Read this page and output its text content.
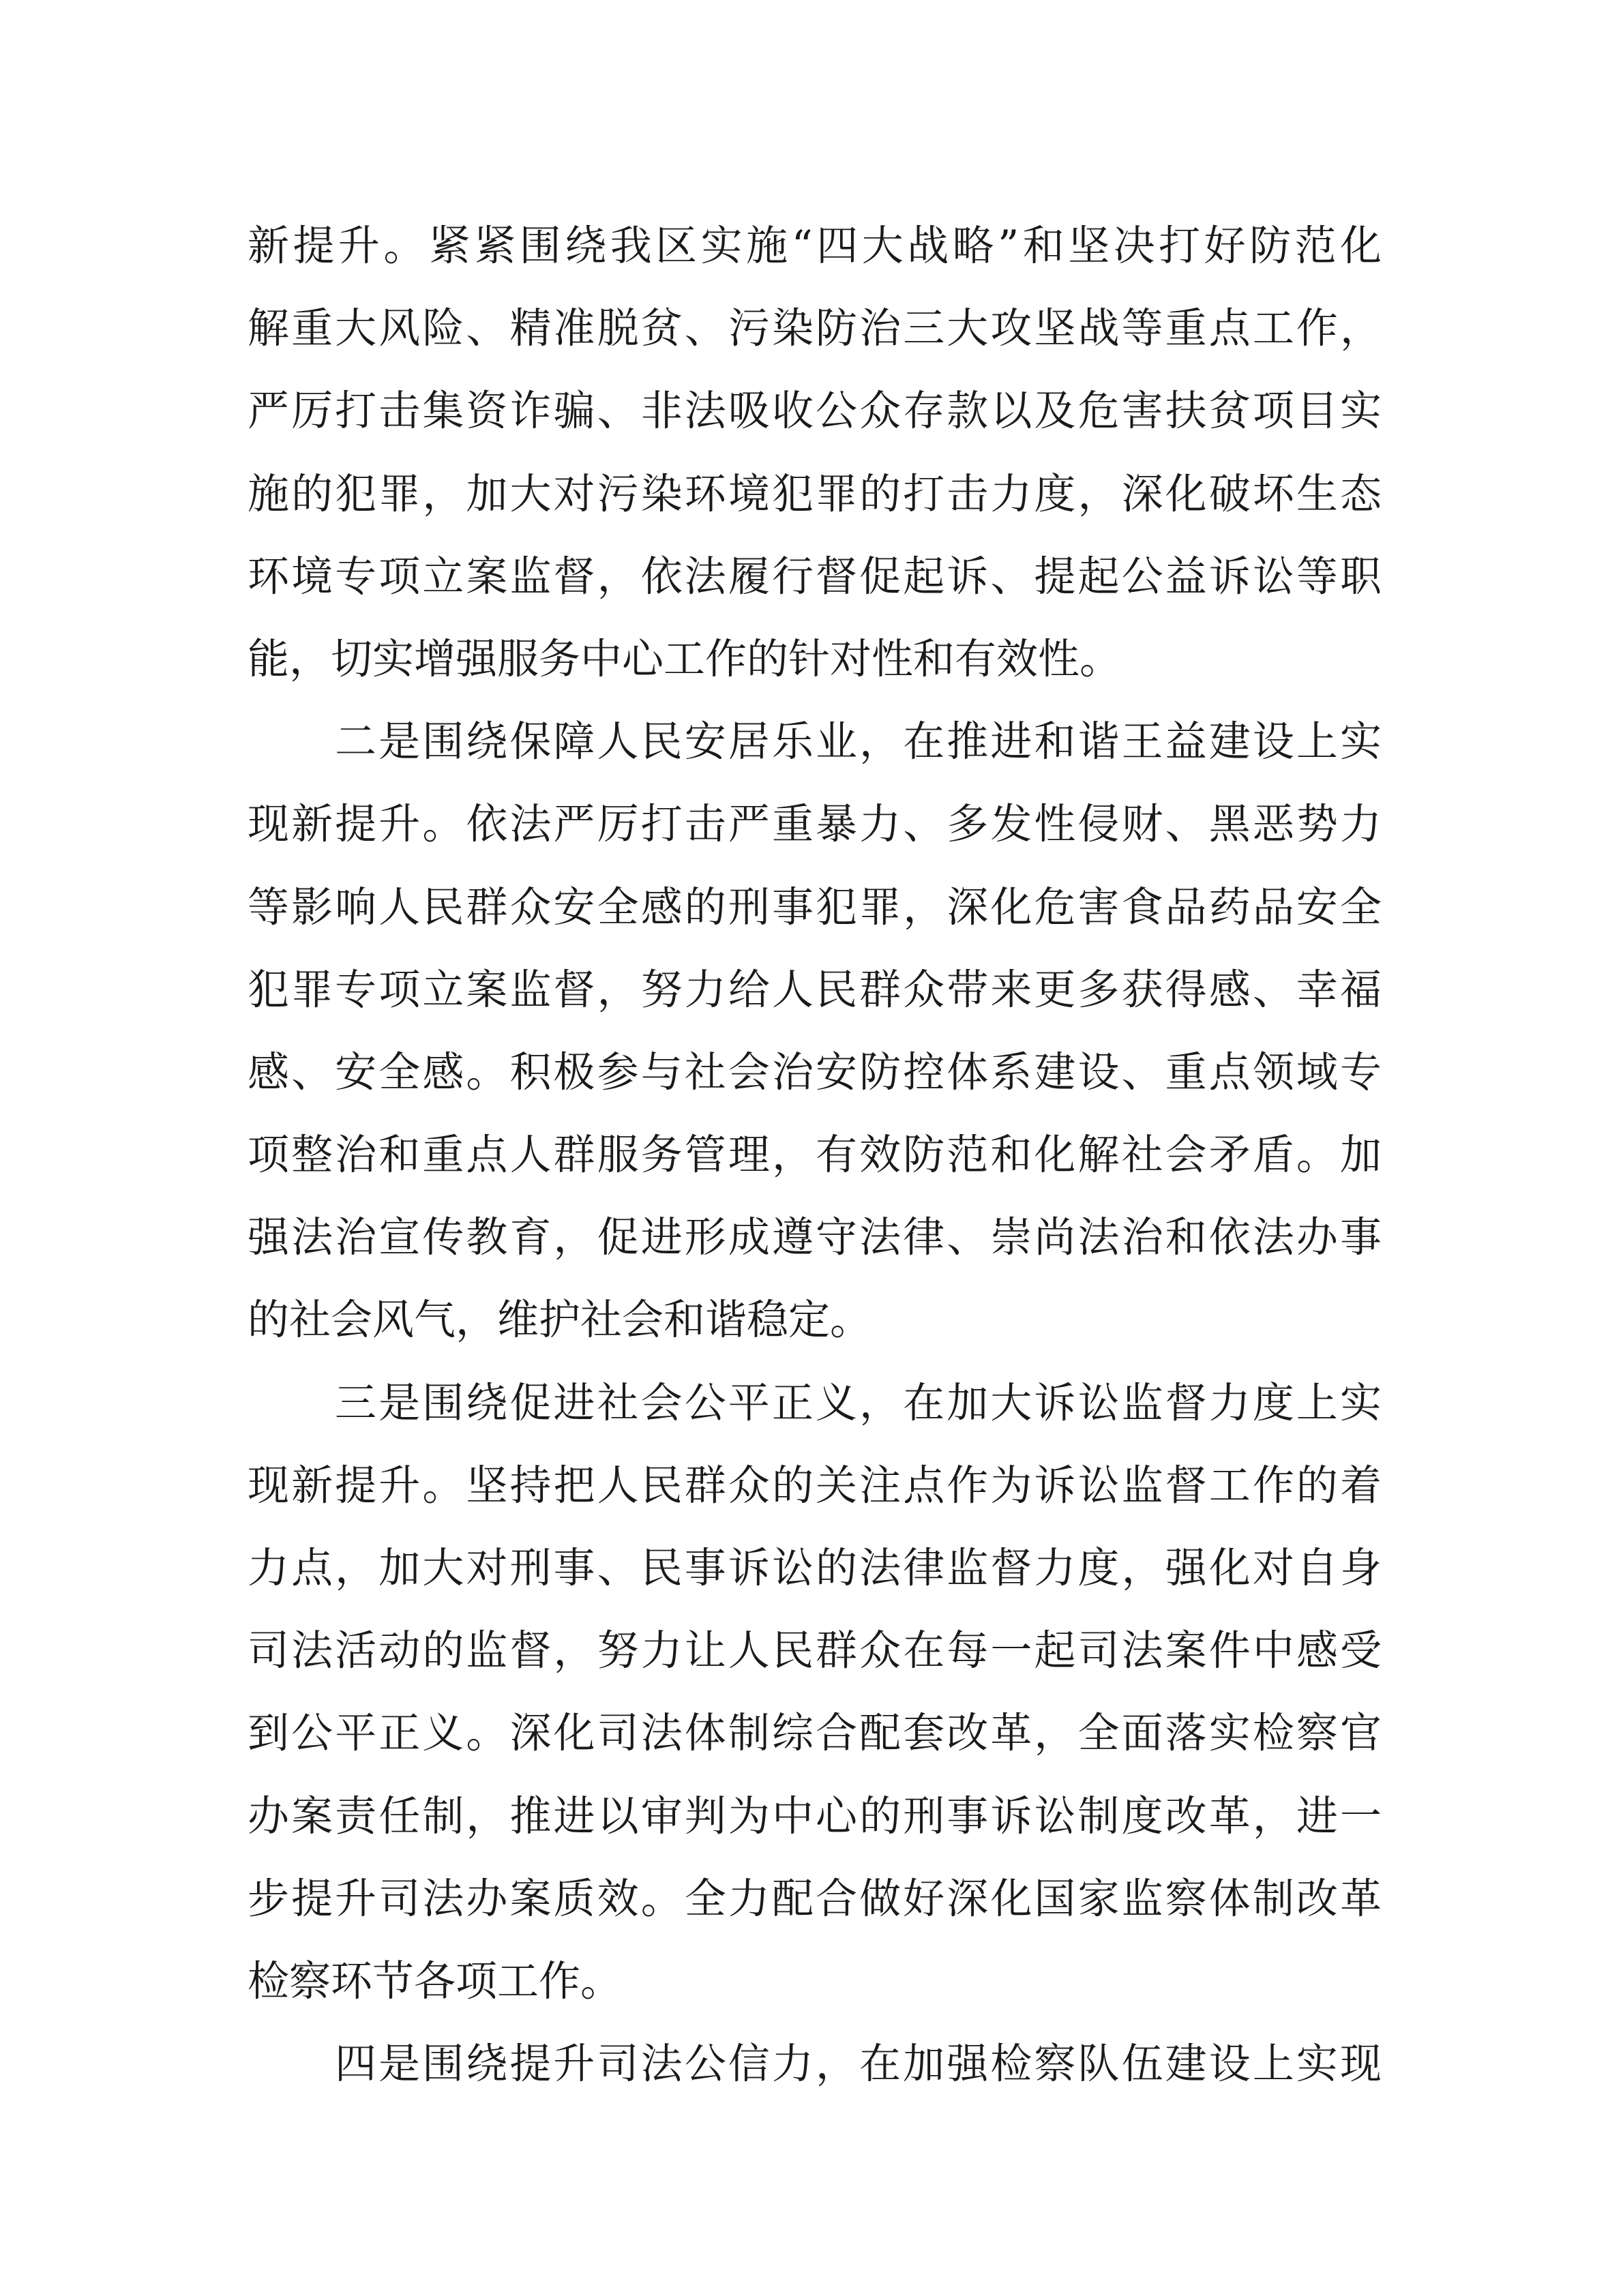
新提升。紧紧围绕我区实施“四大战略”和坚决打好防范化
解重大风险、精准脱贫、污染防治三大攻坚战等重点工作，
严厉打击集资诈骗、非法吸收公众存款以及危害扶贫项目实
施的犯罪，加大对污染环境犯罪的打击力度，深化破坏生态
环境专项立案监督，依法履行督促起诉、提起公益诉讼等职
能，切实增强服务中心工作的针对性和有效性。
二是围绕保障人民安居乐业，在推进和谐王益建设上实
现新提升。依法严厉打击严重暴力、多发性侵财、黑恶势力
等影响人民群众安全感的刑事犯罪，深化危害食品药品安全
犯罪专项立案监督，努力给人民群众带来更多获得感、幸福
感、安全感。积极参与社会治安防控体系建设、重点领域专
项整治和重点人群服务管理，有效防范和化解社会矛盾。加
强法治宣传教育，促进形成遵守法律、崇尚法治和依法办事
的社会风气，维护社会和谐稳定。
三是围绕促进社会公平正义，在加大诉讼监督力度上实
现新提升。坚持把人民群众的关注点作为诉讼监督工作的着
力点，加大对刑事、民事诉讼的法律监督力度，强化对自身
司法活动的监督，努力让人民群众在每一起司法案件中感受
到公平正义。深化司法体制综合配套改革，全面落实检察官
办案责任制，推进以审判为中心的刑事诉讼制度改革，进一
步提升司法办案质效。全力配合做好深化国家监察体制改革
检察环节各项工作。
四是围绕提升司法公信力，在加强检察队伍建设上实现
